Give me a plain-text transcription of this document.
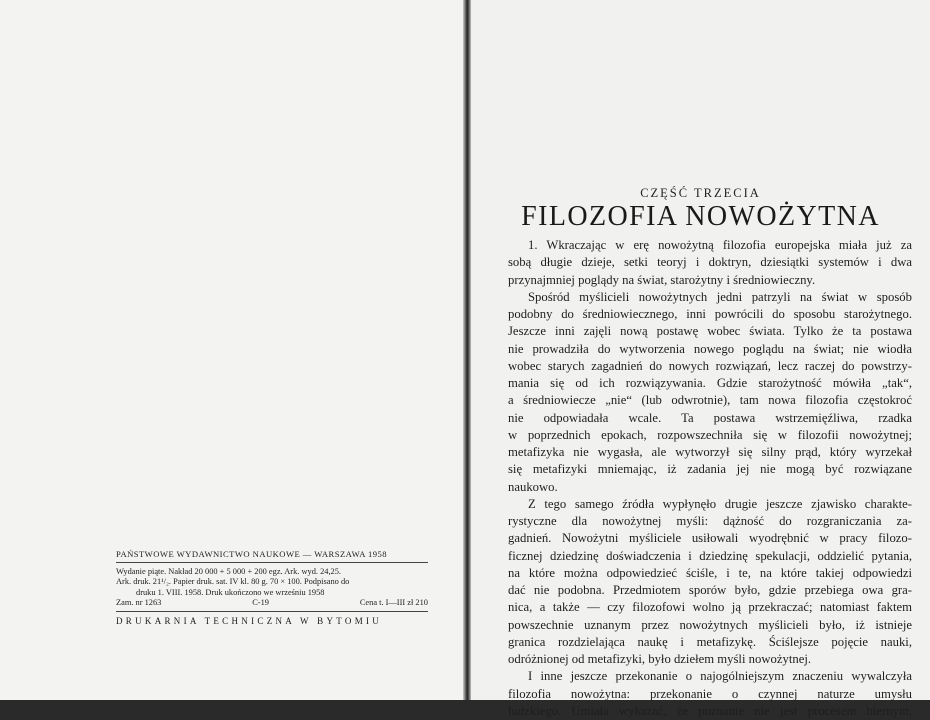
PAŃSTWOWE WYDAWNICTWO NAUKOWE — WARSZAWA 1958
Wydanie piąte. Nakład 20 000 + 5 000 + 200 egz. Ark. wyd. 24,25.
Ark. druk. 21¹/₂. Papier druk. sat. IV kl. 80 g. 70 × 100. Podpisano do
druku 1. VIII. 1958. Druk ukończono we wrześniu 1958
Zam. nr 1263	C-19	Cena t. I—III zł 210
DRUKARNIA TECHNICZNA W BYTOMIU
CZĘŚĆ TRZECIA
FILOZOFIA NOWOŻYTNA
1. Wkraczając w erę nowożytną filozofia europejska miała już za
sobą długie dzieje, setki teoryj i doktryn, dziesiątki systemów i dwa
przynajmniej poglądy na świat, starożytny i średniowieczny.
Spośród myślicieli nowożytnych jedni patrzyli na świat w sposób
podobny do średniowiecznego, inni powrócili do sposobu starożytnego.
Jeszcze inni zajęli nową postawę wobec świata. Tylko że ta postawa
nie prowadziła do wytworzenia nowego poglądu na świat; nie wiodła
wobec starych zagadnień do nowych rozwiązań, lecz raczej do powstrzy-
mania się od ich rozwiązywania. Gdzie starożytność mówiła „tak“,
a średniowiecze „nie“ (lub odwrotnie), tam nowa filozofia częstokroć
nie odpowiadała wcale. Ta postawa wstrzemięźliwa, rzadka
w poprzednich epokach, rozpowszechniła się w filozofii nowożytnej;
metafizyka nie wygasła, ale wytworzył się silny prąd, który wyrzekał
się metafizyki mniemając, iż zadania jej nie mogą być rozwiązane
naukowo.
Z tego samego źródła wypłynęło drugie jeszcze zjawisko charakte-
rystyczne dla nowożytnej myśli: dążność do rozgraniczania za-
gadnień. Nowożytni myśliciele usiłowali wyodrębnić w pracy filozo-
ficznej dziedzinę doświadczenia i dziedzinę spekulacji, oddzielić pytania,
na które można odpowiedzieć ściśle, i te, na które takiej odpowiedzi
dać nie podobna. Przedmiotem sporów było, gdzie przebiega owa gra-
nica, a także — czy filozofowi wolno ją przekraczać; natomiast faktem
powszechnie uznanym przez nowożytnych myślicieli było, iż istnieje
granica rozdzielająca naukę i metafizykę. Ściślejsze pojęcie nauki,
odróżnionej od metafizyki, było dziełem myśli nowożytnej.
I inne jeszcze przekonanie o najogólniejszym znaczeniu wywalczyła
filozofia nowożytna: przekonanie o czynnej naturze umysłu
ludzkiego. Umiała wykazać, że poznanie nie jest procesem biernym,
